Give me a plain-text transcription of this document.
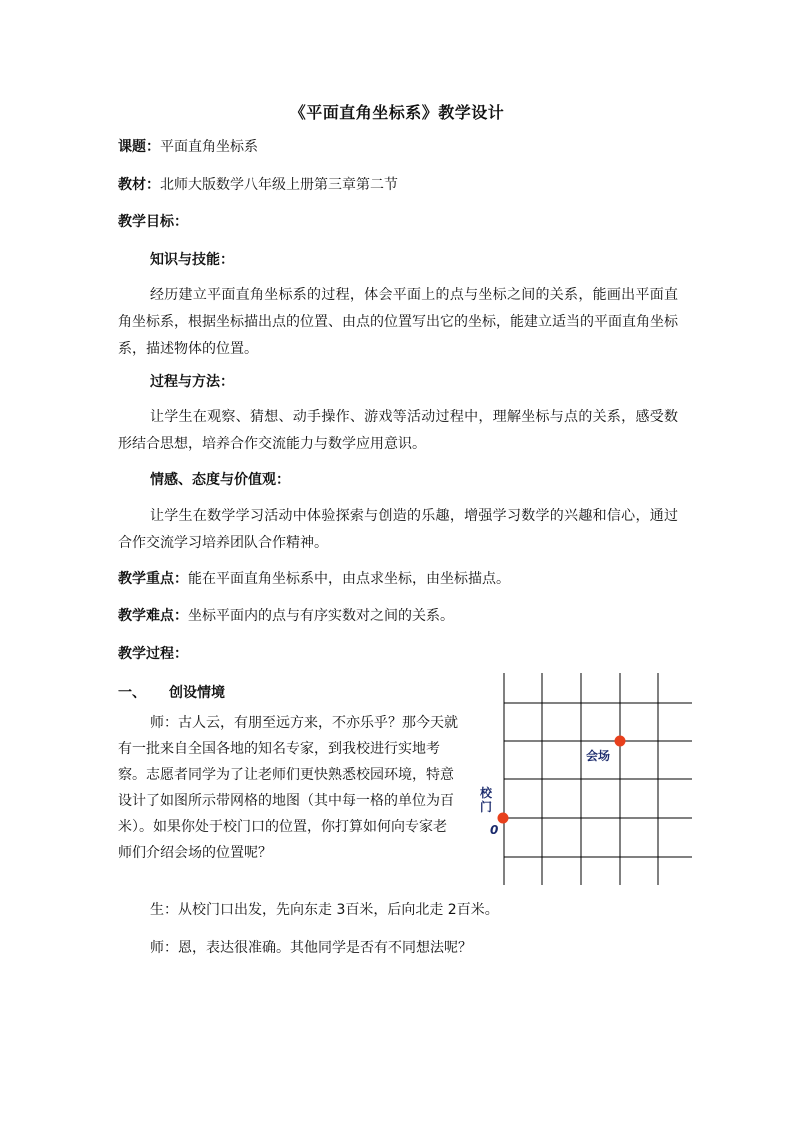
《平面直角坐标系》教学设计
课题：平面直角坐标系
教材：北师大版数学八年级上册第三章第二节
教学目标：
知识与技能：
经历建立平面直角坐标系的过程，体会平面上的点与坐标之间的关系，能画出平面直角坐标系，根据坐标描出点的位置、由点的位置写出它的坐标，能建立适当的平面直角坐标系，描述物体的位置。
过程与方法：
让学生在观察、猜想、动手操作、游戏等活动过程中，理解坐标与点的关系，感受数形结合思想，培养合作交流能力与数学应用意识。
情感、态度与价值观：
让学生在数学学习活动中体验探索与创造的乐趣，增强学习数学的兴趣和信心，通过合作交流学习培养团队合作精神。
教学重点：能在平面直角坐标系中，由点求坐标，由坐标描点。
教学难点：坐标平面内的点与有序实数对之间的关系。
教学过程：
一、 创设情境
师：古人云，有朋至远方来，不亦乐乎？那今天就有一批来自全国各地的知名专家，到我校进行实地考察。志愿者同学为了让老师们更快熟悉校园环境，特意设计了如图所示带网格的地图（其中每一格的单位为百米）。如果你处于校门口的位置，你打算如何向专家老师们介绍会场的位置呢？
会场
校
门
0
生：从校门口出发，先向东走 3百米，后向北走 2百米。
师：恩，表达很准确。其他同学是否有不同想法呢？
